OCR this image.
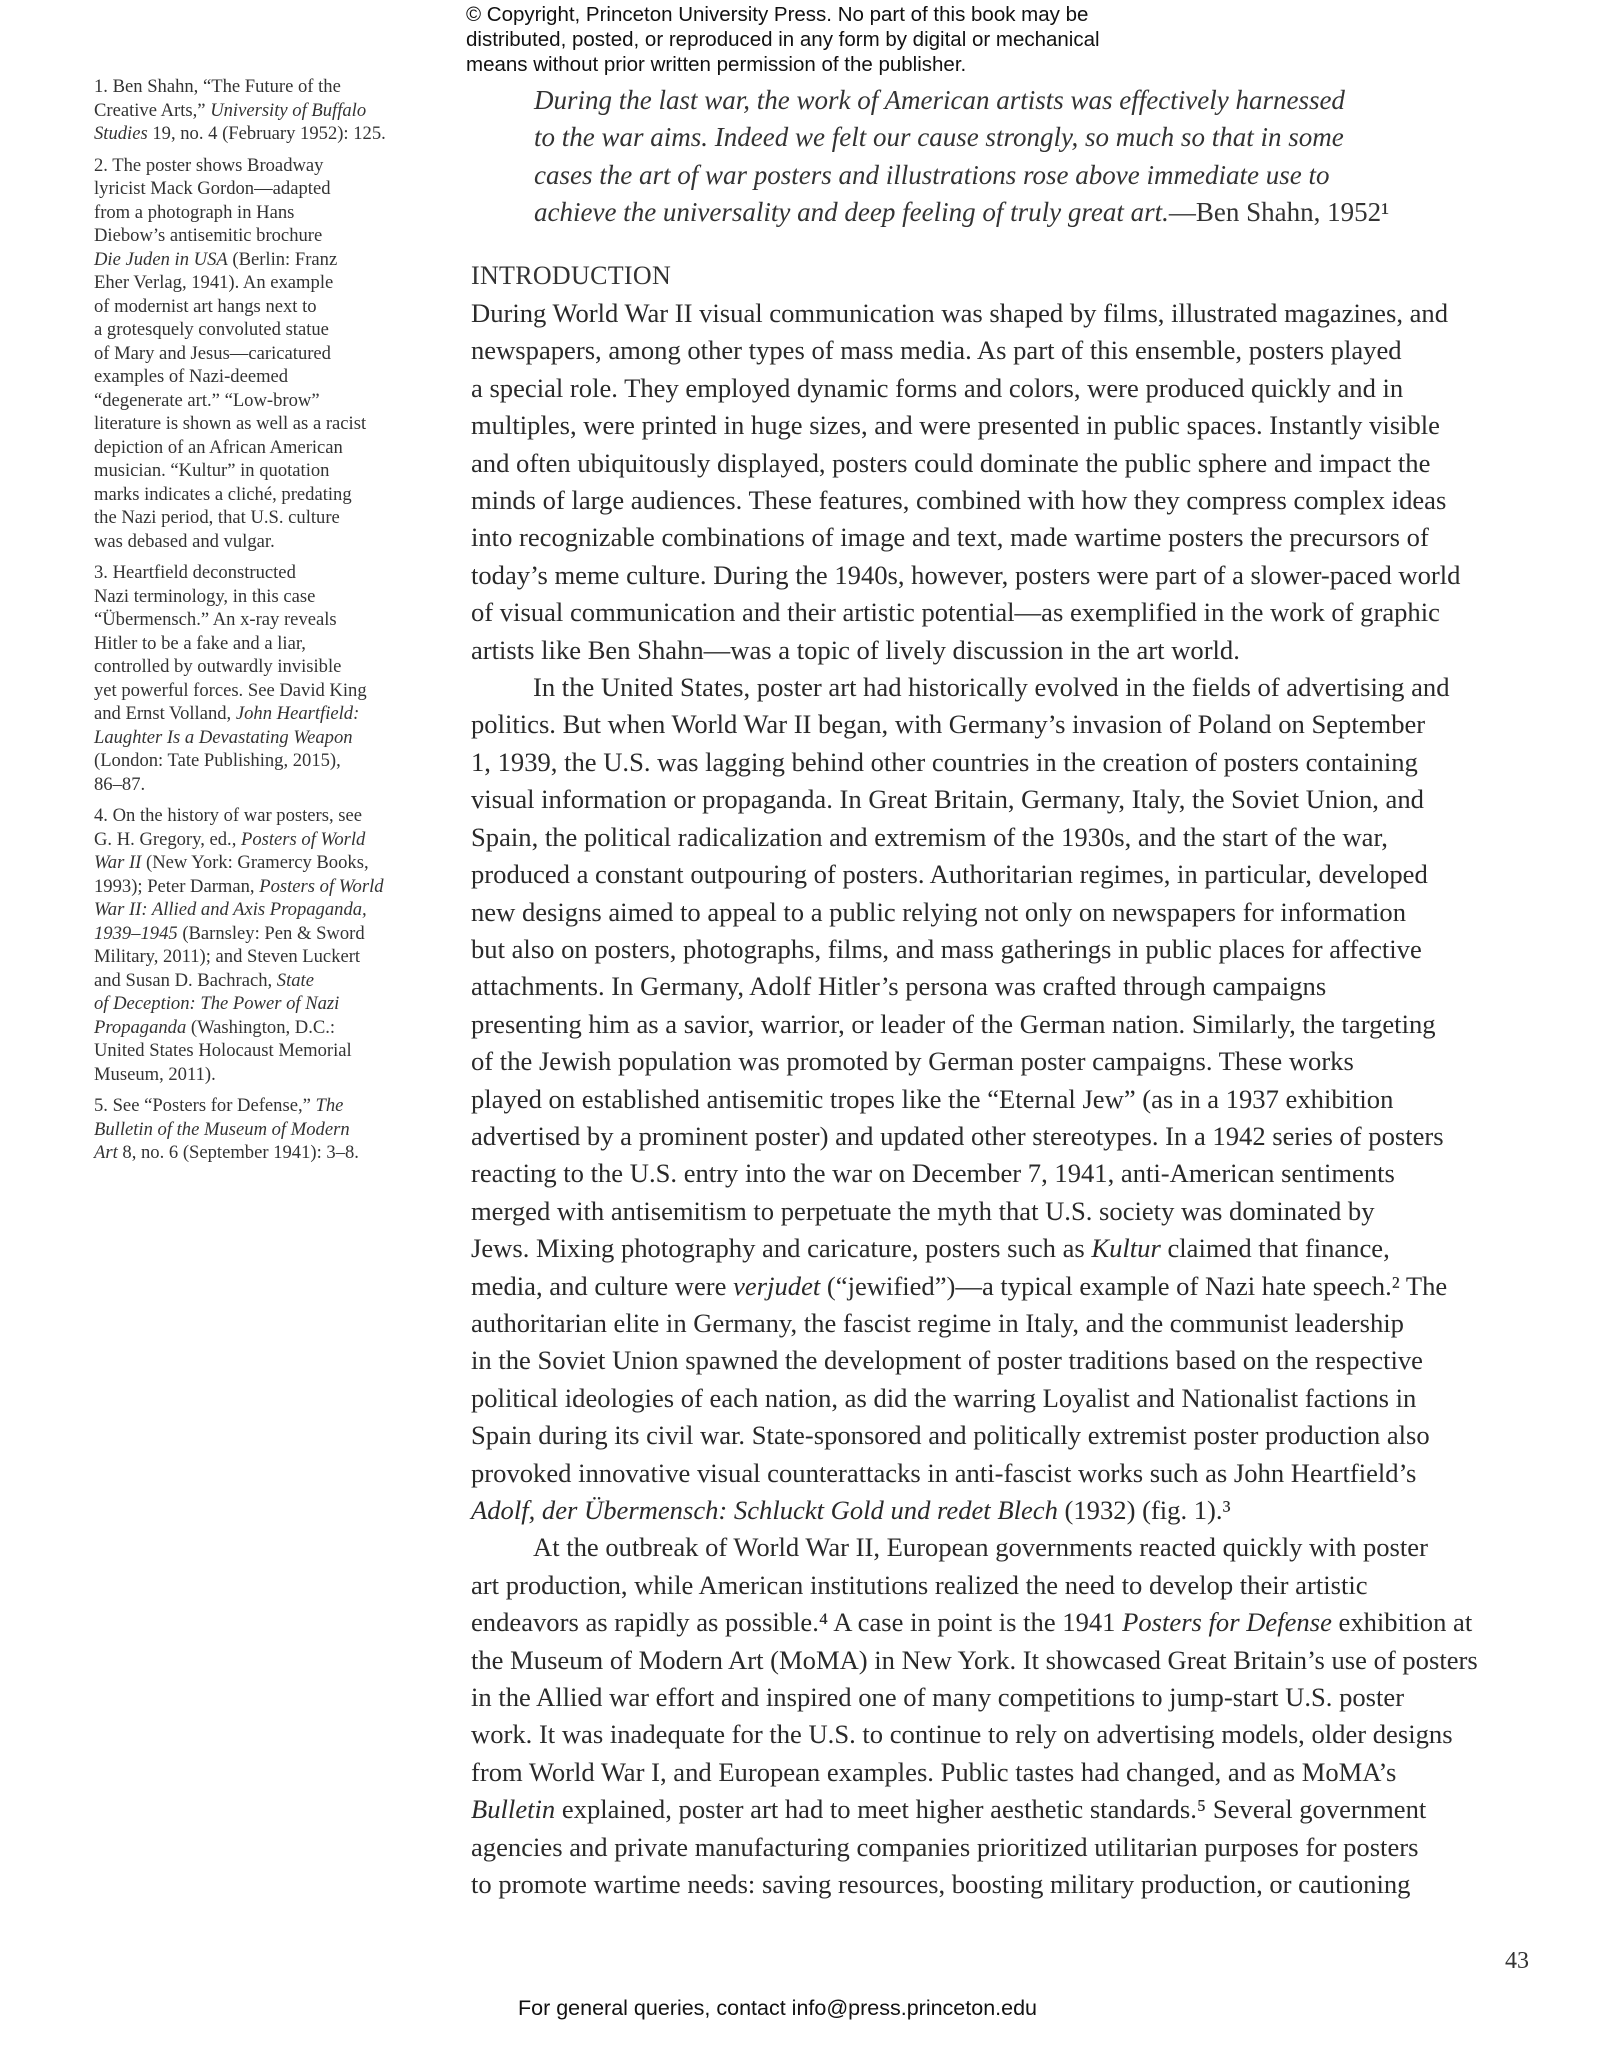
© Copyright, Princeton University Press. No part of this book may be
distributed, posted, or reproduced in any form by digital or mechanical
means without prior written permission of the publisher.
1. Ben Shahn, “The Future of the
Creative Arts,” University of Buffalo
Studies 19, no. 4 (February 1952): 125.
2. The poster shows Broadway
lyricist Mack Gordon—adapted
from a photograph in Hans
Diebow’s antisemitic brochure
Die Juden in USA (Berlin: Franz
Eher Verlag, 1941). An example
of modernist art hangs next to
a grotesquely convoluted statue
of Mary and Jesus—caricatured
examples of Nazi-deemed
“degenerate art.” “Low-brow”
literature is shown as well as a racist
depiction of an African American
musician. “Kultur” in quotation
marks indicates a cliché, predating
the Nazi period, that U.S. culture
was debased and vulgar.
3. Heartfield deconstructed
Nazi terminology, in this case
“Übermensch.” An x-ray reveals
Hitler to be a fake and a liar,
controlled by outwardly invisible
yet powerful forces. See David King
and Ernst Volland, John Heartfield:
Laughter Is a Devastating Weapon
(London: Tate Publishing, 2015),
86–87.
4. On the history of war posters, see
G. H. Gregory, ed., Posters of World
War II (New York: Gramercy Books,
1993); Peter Darman, Posters of World
War II: Allied and Axis Propaganda,
1939–1945 (Barnsley: Pen & Sword
Military, 2011); and Steven Luckert
and Susan D. Bachrach, State
of Deception: The Power of Nazi
Propaganda (Washington, D.C.:
United States Holocaust Memorial
Museum, 2011).
5. See “Posters for Defense,” The
Bulletin of the Museum of Modern
Art 8, no. 6 (September 1941): 3–8.
During the last war, the work of American artists was effectively harnessed
to the war aims. Indeed we felt our cause strongly, so much so that in some
cases the art of war posters and illustrations rose above immediate use to
achieve the universality and deep feeling of truly great art.—Ben Shahn, 1952¹
INTRODUCTION
During World War II visual communication was shaped by films, illustrated magazines, and
newspapers, among other types of mass media. As part of this ensemble, posters played
a special role. They employed dynamic forms and colors, were produced quickly and in
multiples, were printed in huge sizes, and were presented in public spaces. Instantly visible
and often ubiquitously displayed, posters could dominate the public sphere and impact the
minds of large audiences. These features, combined with how they compress complex ideas
into recognizable combinations of image and text, made wartime posters the precursors of
today’s meme culture. During the 1940s, however, posters were part of a slower-paced world
of visual communication and their artistic potential—as exemplified in the work of graphic
artists like Ben Shahn—was a topic of lively discussion in the art world.
In the United States, poster art had historically evolved in the fields of advertising and
politics. But when World War II began, with Germany’s invasion of Poland on September
1, 1939, the U.S. was lagging behind other countries in the creation of posters containing
visual information or propaganda. In Great Britain, Germany, Italy, the Soviet Union, and
Spain, the political radicalization and extremism of the 1930s, and the start of the war,
produced a constant outpouring of posters. Authoritarian regimes, in particular, developed
new designs aimed to appeal to a public relying not only on newspapers for information
but also on posters, photographs, films, and mass gatherings in public places for affective
attachments. In Germany, Adolf Hitler’s persona was crafted through campaigns
presenting him as a savior, warrior, or leader of the German nation. Similarly, the targeting
of the Jewish population was promoted by German poster campaigns. These works
played on established antisemitic tropes like the “Eternal Jew” (as in a 1937 exhibition
advertised by a prominent poster) and updated other stereotypes. In a 1942 series of posters
reacting to the U.S. entry into the war on December 7, 1941, anti-American sentiments
merged with antisemitism to perpetuate the myth that U.S. society was dominated by
Jews. Mixing photography and caricature, posters such as Kultur claimed that finance,
media, and culture were verjudet (“jewified”)—a typical example of Nazi hate speech.² The
authoritarian elite in Germany, the fascist regime in Italy, and the communist leadership
in the Soviet Union spawned the development of poster traditions based on the respective
political ideologies of each nation, as did the warring Loyalist and Nationalist factions in
Spain during its civil war. State-sponsored and politically extremist poster production also
provoked innovative visual counterattacks in anti-fascist works such as John Heartfield’s
Adolf, der Übermensch: Schluckt Gold und redet Blech (1932) (fig. 1).³
At the outbreak of World War II, European governments reacted quickly with poster
art production, while American institutions realized the need to develop their artistic
endeavors as rapidly as possible.⁴ A case in point is the 1941 Posters for Defense exhibition at
the Museum of Modern Art (MoMA) in New York. It showcased Great Britain’s use of posters
in the Allied war effort and inspired one of many competitions to jump-start U.S. poster
work. It was inadequate for the U.S. to continue to rely on advertising models, older designs
from World War I, and European examples. Public tastes had changed, and as MoMA’s
Bulletin explained, poster art had to meet higher aesthetic standards.⁵ Several government
agencies and private manufacturing companies prioritized utilitarian purposes for posters
to promote wartime needs: saving resources, boosting military production, or cautioning
43
For general queries, contact info@press.princeton.edu
